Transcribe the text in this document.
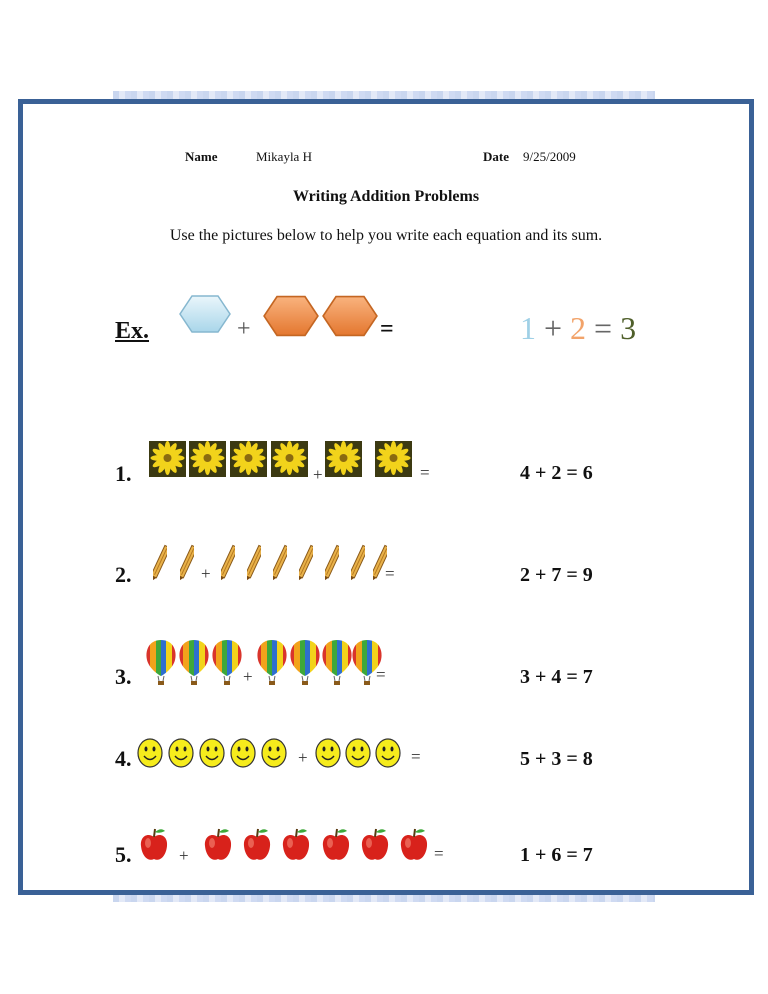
Name	Mikayla H	Date 9/25/2009
Writing Addition Problems
Use the pictures below to help you write each equation and its sum.
Ex.	+	=	1 + 2 = 3
1.	+	=	4 + 2 = 6
2.	+	=	2 + 7 = 9
3.	+	=	3 + 4 = 7
4.	+	=	5 + 3 = 8
5.	+	=	1 + 6 = 7
